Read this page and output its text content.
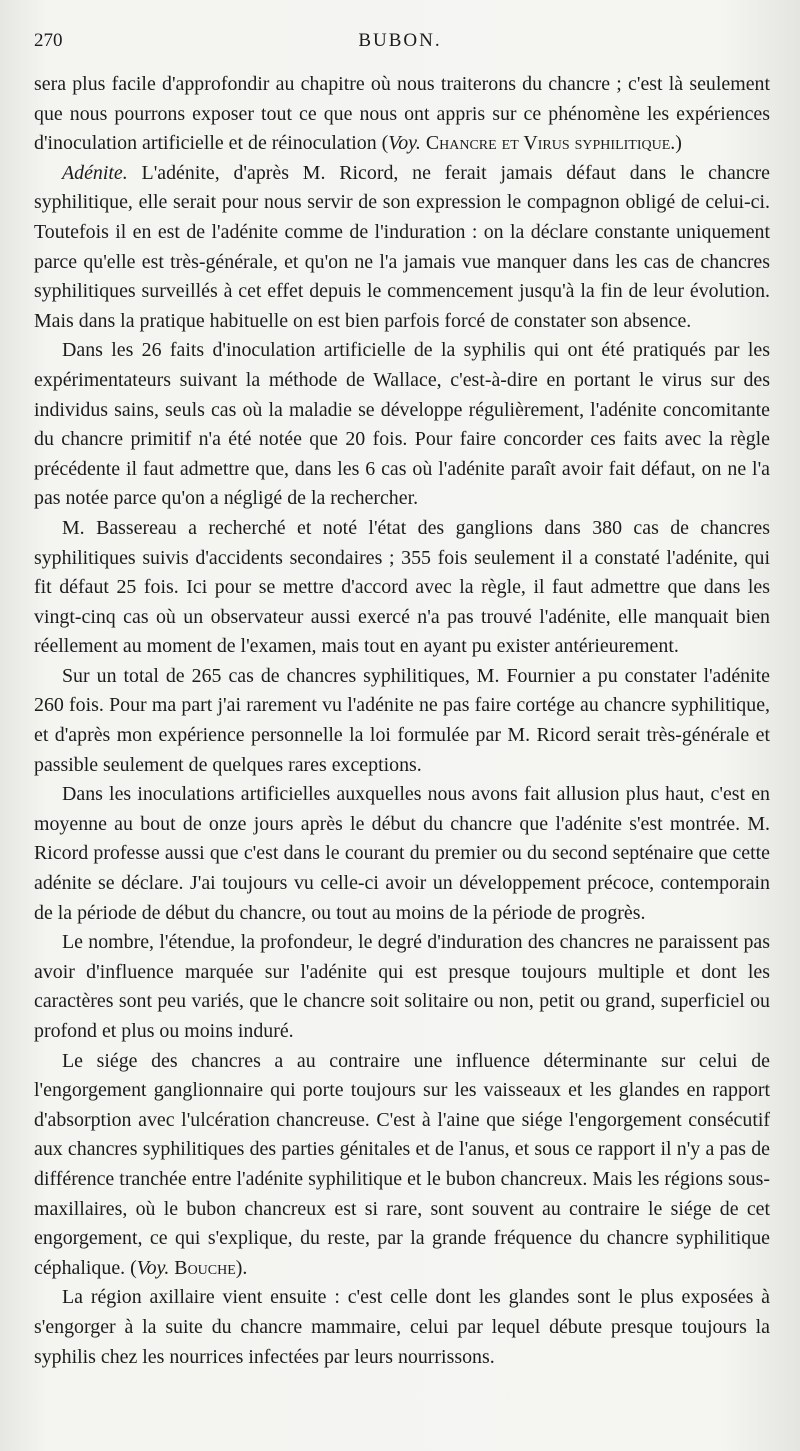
270	BUBON.

sera plus facile d'approfondir au chapitre où nous traiterons du chancre ; c'est là seulement que nous pourrons exposer tout ce que nous ont appris sur ce phénomène les expériences d'inoculation artificielle et de réinoculation (Voy. Chancre et Virus syphilitique.)

Adénite. L'adénite, d'après M. Ricord, ne ferait jamais défaut dans le chancre syphilitique, elle serait pour nous servir de son expression le compagnon obligé de celui-ci. Toutefois il en est de l'adénite comme de l'induration : on la déclare constante uniquement parce qu'elle est très-générale, et qu'on ne l'a jamais vue manquer dans les cas de chancres syphilitiques surveillés à cet effet depuis le commencement jusqu'à la fin de leur évolution. Mais dans la pratique habituelle on est bien parfois forcé de constater son absence.

Dans les 26 faits d'inoculation artificielle de la syphilis qui ont été pratiqués par les expérimentateurs suivant la méthode de Wallace, c'est-à-dire en portant le virus sur des individus sains, seuls cas où la maladie se développe régulièrement, l'adénite concomitante du chancre primitif n'a été notée que 20 fois. Pour faire concorder ces faits avec la règle précédente il faut admettre que, dans les 6 cas où l'adénite paraît avoir fait défaut, on ne l'a pas notée parce qu'on a négligé de la rechercher.

M. Bassereau a recherché et noté l'état des ganglions dans 380 cas de chancres syphilitiques suivis d'accidents secondaires ; 355 fois seulement il a constaté l'adénite, qui fit défaut 25 fois. Ici pour se mettre d'accord avec la règle, il faut admettre que dans les vingt-cinq cas où un observateur aussi exercé n'a pas trouvé l'adénite, elle manquait bien réellement au moment de l'examen, mais tout en ayant pu exister antérieurement.

Sur un total de 265 cas de chancres syphilitiques, M. Fournier a pu constater l'adénite 260 fois. Pour ma part j'ai rarement vu l'adénite ne pas faire cortége au chancre syphilitique, et d'après mon expérience personnelle la loi formulée par M. Ricord serait très-générale et passible seulement de quelques rares exceptions.

Dans les inoculations artificielles auxquelles nous avons fait allusion plus haut, c'est en moyenne au bout de onze jours après le début du chancre que l'adénite s'est montrée. M. Ricord professe aussi que c'est dans le courant du premier ou du second septénaire que cette adénite se déclare. J'ai toujours vu celle-ci avoir un développement précoce, contemporain de la période de début du chancre, ou tout au moins de la période de progrès.

Le nombre, l'étendue, la profondeur, le degré d'induration des chancres ne paraissent pas avoir d'influence marquée sur l'adénite qui est presque toujours multiple et dont les caractères sont peu variés, que le chancre soit solitaire ou non, petit ou grand, superficiel ou profond et plus ou moins induré.

Le siége des chancres a au contraire une influence déterminante sur celui de l'engorgement ganglionnaire qui porte toujours sur les vaisseaux et les glandes en rapport d'absorption avec l'ulcération chancreuse. C'est à l'aine que siége l'engorgement consécutif aux chancres syphilitiques des parties génitales et de l'anus, et sous ce rapport il n'y a pas de différence tranchée entre l'adénite syphilitique et le bubon chancreux. Mais les régions sous-maxillaires, où le bubon chancreux est si rare, sont souvent au contraire le siége de cet engorgement, ce qui s'explique, du reste, par la grande fréquence du chancre syphilitique céphalique. (Voy. Bouche).

La région axillaire vient ensuite : c'est celle dont les glandes sont le plus exposées à s'engorger à la suite du chancre mammaire, celui par lequel débute presque toujours la syphilis chez les nourrices infectées par leurs nourrissons.
